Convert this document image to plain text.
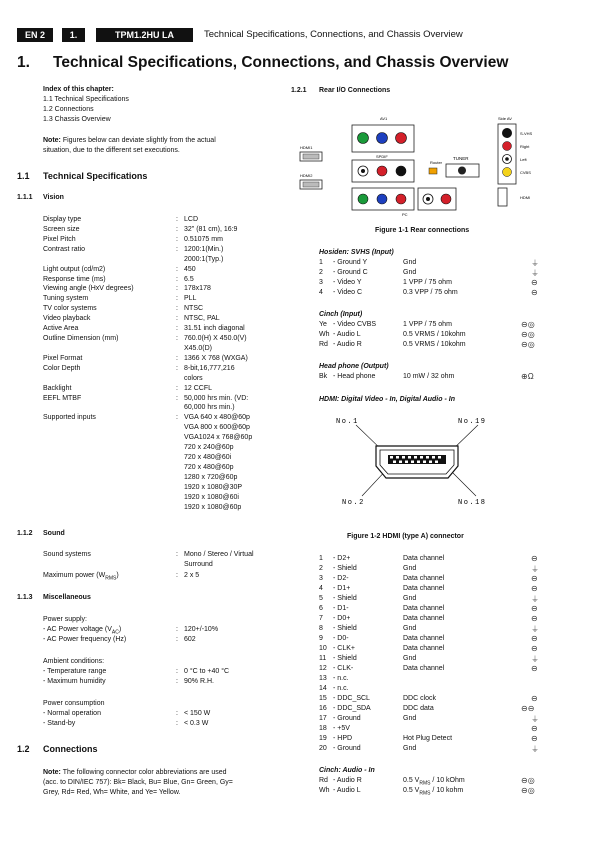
EN 2	1.	TPM1.2HU LA	Technical Specifications, Connections, and Chassis Overview
1. Technical Specifications, Connections, and Chassis Overview
Index of this chapter:
1.1 Technical Specifications
1.2 Connections
1.3 Chassis Overview
Note: Figures below can deviate slightly from the actual
situation, due to the different set executions.
1.1 Technical Specifications
1.1.1 Vision
Display type	: LCD
Screen size	: 32" (81 cm), 16:9
Pixel Pitch	: 0.51075 mm
Contrast ratio	: 1200:1(Min.)
2000:1(Typ.)
Light output (cd/m2)	: 450
Response time (ms)	: 6.5
Viewing angle (HxV degrees)	: 178x178
Tuning system	: PLL
TV color systems	: NTSC
Video playback	: NTSC, PAL
Active Area	: 31.51 inch diagonal
Outline Dimension (mm)	: 760.0(H) X 450.0(V)
X45.0(D)
Pixel Format	: 1366 X 768 (WXGA)
Color Depth	: 8-bit,16,777,216
colors
Backlight	: 12 CCFL
EEFL MTBF	: 50,000 hrs min. (VD:
60,000 hrs min.)
Supported inputs	: VGA 640 x 480@60p
VGA 800 x 600@60p
VGA1024 x 768@60p
720 x 240@60p
720 x 480@60i
720 x 480@60p
1280 x 720@60p
1920 x 1080@30P
1920 x 1080@60i
1920 x 1080@60p
1.1.2 Sound
Sound systems	: Mono / Stereo / Virtual
Surround
Maximum power $(W_{RMS})$	: 2 x 5
1.1.3 Miscellaneous
Power supply:
- AC Power voltage $(V_{AC})$	: 120+/-10%
- AC Power frequency (Hz)	: 602
Ambient conditions:
- Temperature range	: 0 °C to +40 °C
- Maximum humidity	: 90% R.H.
Power consumption
- Normal operation	: < 150 W
- Stand-by	: < 0.3 W
1.2 Connections
Note: The following connector color abbreviations are used
(acc. to DIN/IEC 757): Bk= Black, Bu= Blue, Gn= Green, Gy=
Grey, Rd= Red, Wh= White, and Ye= Yellow.
1.2.1 Rear I/O Connections
HDMI1
HDMI2
AV1
SPDIF
Router
TUNER
PC
Side AV
S-VHS
Right
Left
CVBS
HDMI
Figure 1-1 Rear connections
Hosiden: SVHS (Input)
1 - Ground Y	Gnd	⏚
2 - Ground C	Gnd	⏚
3 - Video Y	1 VPP / 75 ohm	⊖
4 - Video C	0.3 VPP / 75 ohm	⊖
Cinch (Input)
Ye - Video CVBS	1 VPP / 75 ohm	⊖◎
Wh - Audio L	0.5 VRMS / 10kohm	⊖◎
Rd - Audio R	0.5 VRMS / 10kohm	⊖◎
Head phone (Output)
Bk - Head phone	10 mW / 32 ohm	⊕Ω
HDMI: Digital Video - In, Digital Audio - In
No.1	No.19
No.2	No.18
Figure 1-2 HDMI (type A) connector
1 - D2+	Data channel	⊖
2 - Shield	Gnd	⏚
3 - D2-	Data channel	⊖
4 - D1+	Data channel	⊖
5 - Shield	Gnd	⏚
6 - D1-	Data channel	⊖
7 - D0+	Data channel	⊖
8 - Shield	Gnd	⏚
9 - D0-	Data channel	⊖
10 - CLK+	Data channel	⊖
11 - Shield	Gnd	⏚
12 - CLK-	Data channel	⊖
13 - n.c.
14 - n.c.
15 - DDC_SCL	DDC clock	⊖
16 - DDC_SDA	DDC data	⊖⊖
17 - Ground	Gnd	⏚
18 - +5V	⊖
19 - HPD	Hot Plug Detect	⊖
20 - Ground	Gnd	⏚
Cinch: Audio - In
Rd - Audio R	0.5 $V_{RMS} / 10$ kOhm	⊖◎
Wh - Audio L	0.5 $V_{RMS} / 10$ kohm	⊖◎
